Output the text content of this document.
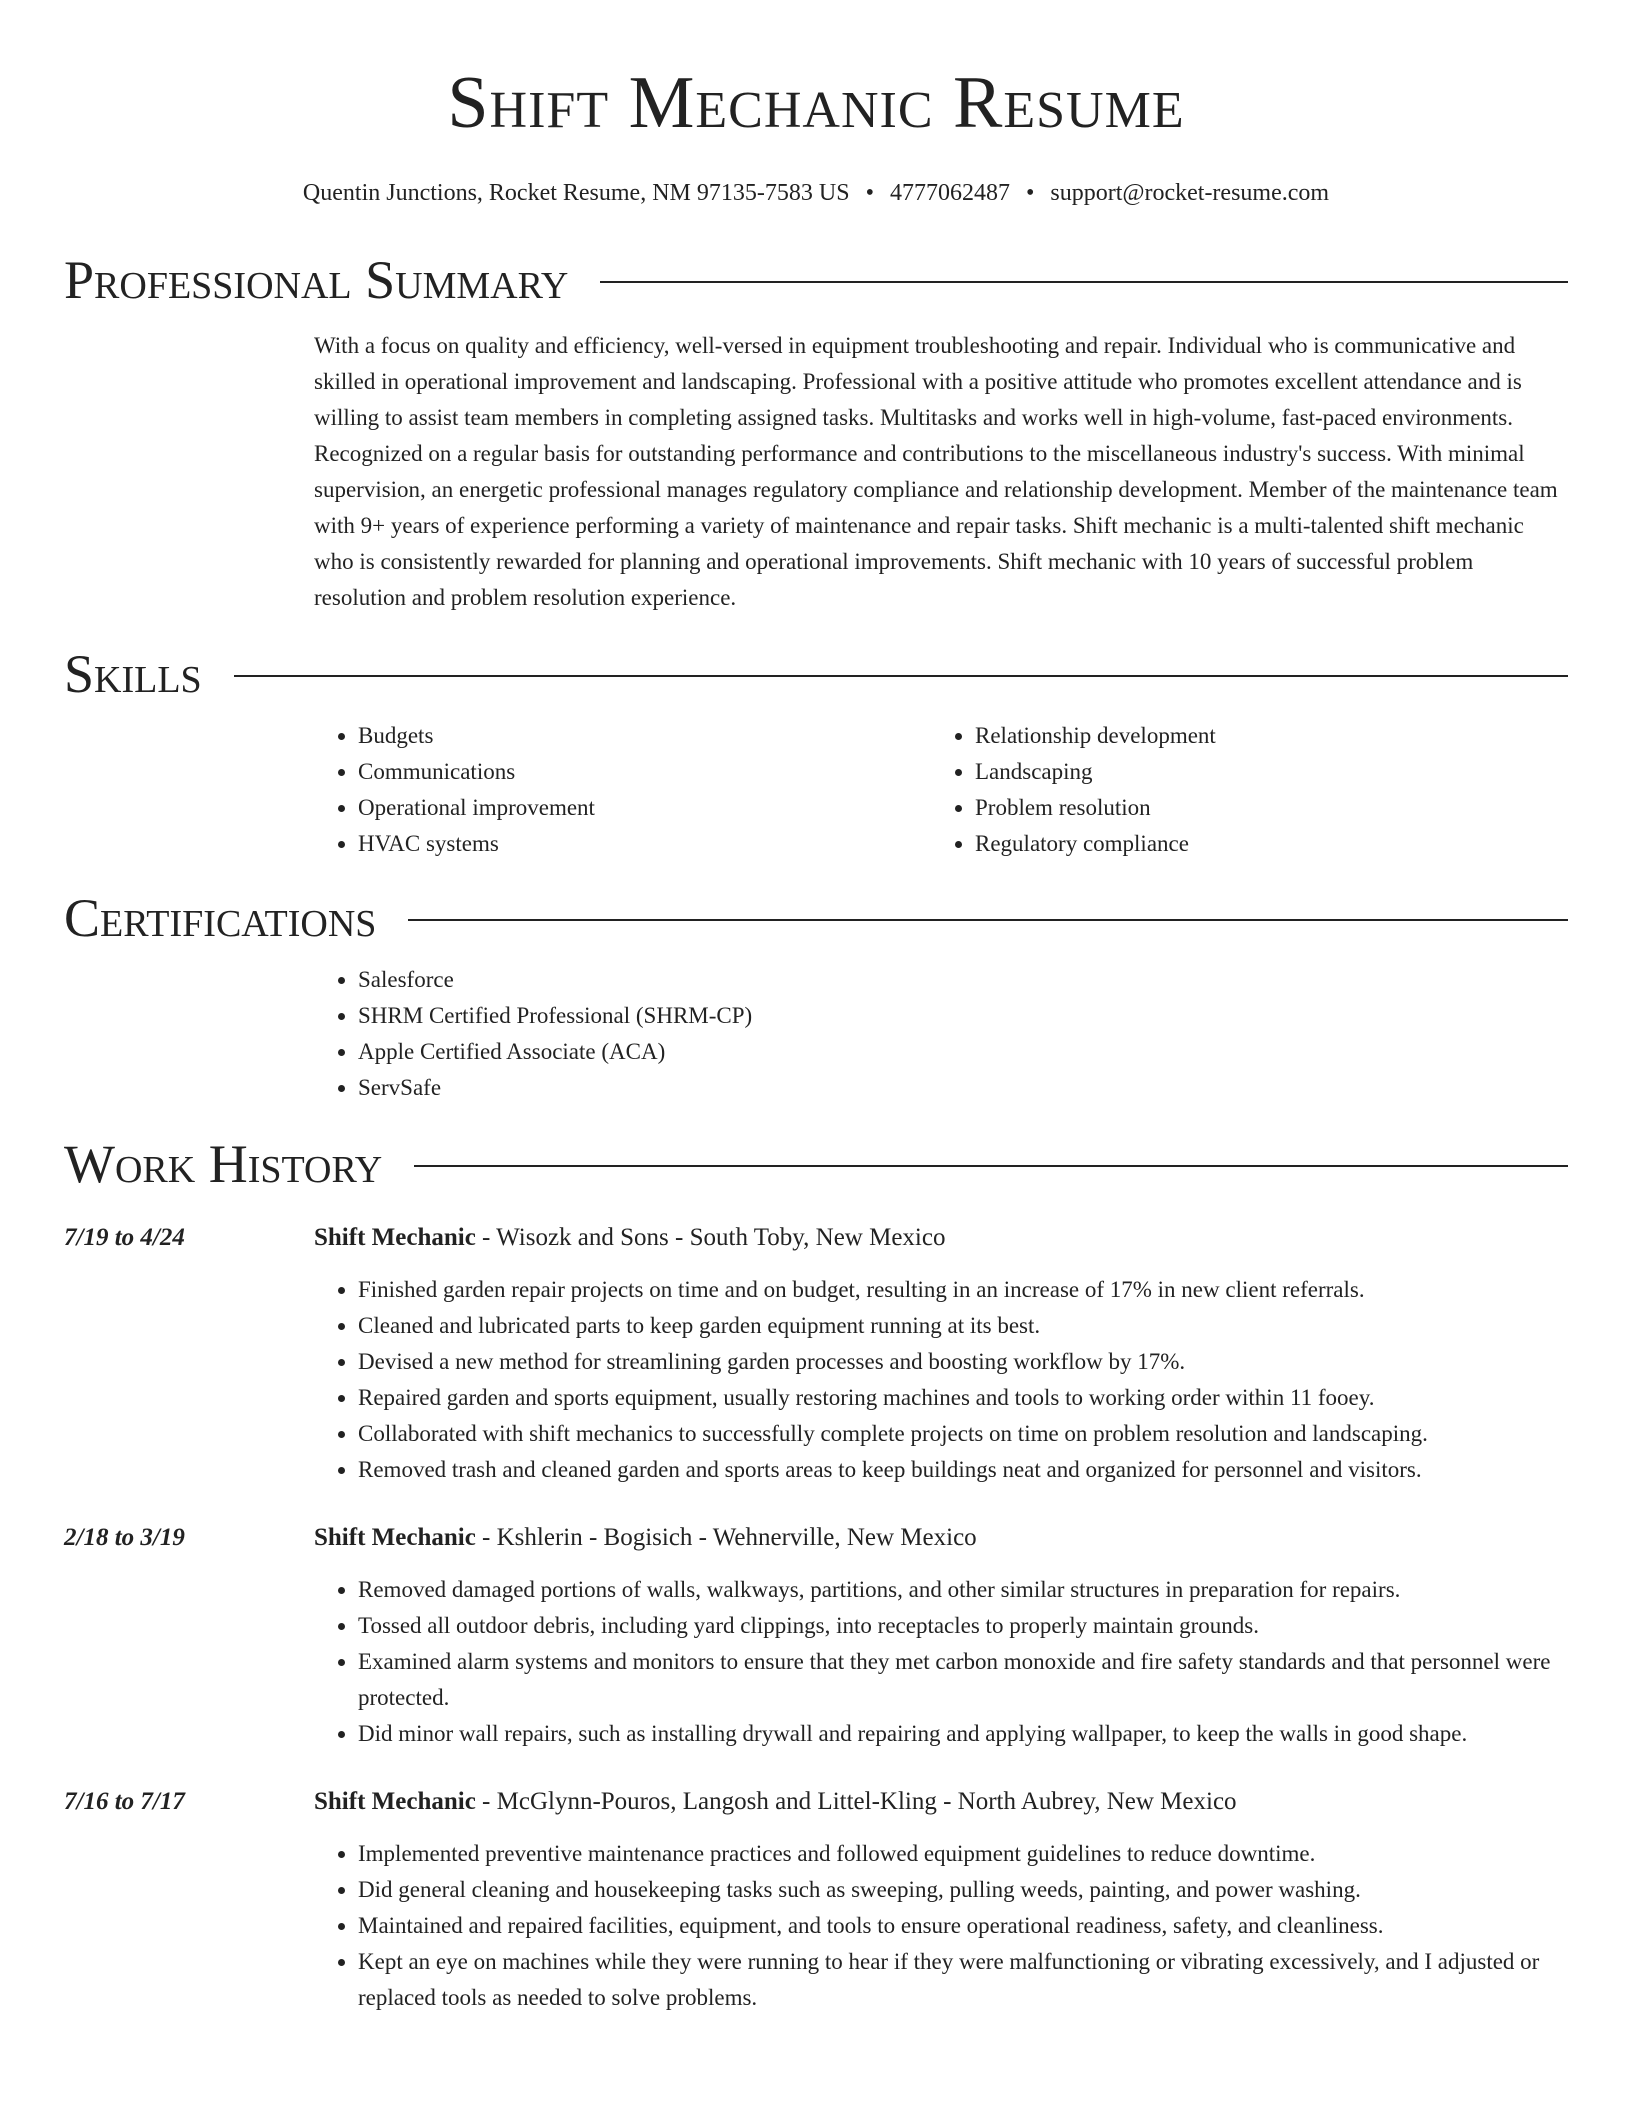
Shift Mechanic Resume
Quentin Junctions, Rocket Resume, NM 97135-7583 US • 4777062487 • support@rocket-resume.com
Professional Summary
With a focus on quality and efficiency, well-versed in equipment troubleshooting and repair. Individual who is communicative and skilled in operational improvement and landscaping. Professional with a positive attitude who promotes excellent attendance and is willing to assist team members in completing assigned tasks. Multitasks and works well in high-volume, fast-paced environments. Recognized on a regular basis for outstanding performance and contributions to the miscellaneous industry's success. With minimal supervision, an energetic professional manages regulatory compliance and relationship development. Member of the maintenance team with 9+ years of experience performing a variety of maintenance and repair tasks. Shift mechanic is a multi-talented shift mechanic who is consistently rewarded for planning and operational improvements. Shift mechanic with 10 years of successful problem resolution and problem resolution experience.
Skills
• Budgets
• Communications
• Operational improvement
• HVAC systems
• Relationship development
• Landscaping
• Problem resolution
• Regulatory compliance
Certifications
• Salesforce
• SHRM Certified Professional (SHRM-CP)
• Apple Certified Associate (ACA)
• ServSafe
Work History
7/19 to 4/24	Shift Mechanic - Wisozk and Sons - South Toby, New Mexico
• Finished garden repair projects on time and on budget, resulting in an increase of 17% in new client referrals.
• Cleaned and lubricated parts to keep garden equipment running at its best.
• Devised a new method for streamlining garden processes and boosting workflow by 17%.
• Repaired garden and sports equipment, usually restoring machines and tools to working order within 11 fooey.
• Collaborated with shift mechanics to successfully complete projects on time on problem resolution and landscaping.
• Removed trash and cleaned garden and sports areas to keep buildings neat and organized for personnel and visitors.
2/18 to 3/19	Shift Mechanic - Kshlerin - Bogisich - Wehnerville, New Mexico
• Removed damaged portions of walls, walkways, partitions, and other similar structures in preparation for repairs.
• Tossed all outdoor debris, including yard clippings, into receptacles to properly maintain grounds.
• Examined alarm systems and monitors to ensure that they met carbon monoxide and fire safety standards and that personnel were protected.
• Did minor wall repairs, such as installing drywall and repairing and applying wallpaper, to keep the walls in good shape.
7/16 to 7/17	Shift Mechanic - McGlynn-Pouros, Langosh and Littel-Kling - North Aubrey, New Mexico
• Implemented preventive maintenance practices and followed equipment guidelines to reduce downtime.
• Did general cleaning and housekeeping tasks such as sweeping, pulling weeds, painting, and power washing.
• Maintained and repaired facilities, equipment, and tools to ensure operational readiness, safety, and cleanliness.
• Kept an eye on machines while they were running to hear if they were malfunctioning or vibrating excessively, and I adjusted or replaced tools as needed to solve problems.
